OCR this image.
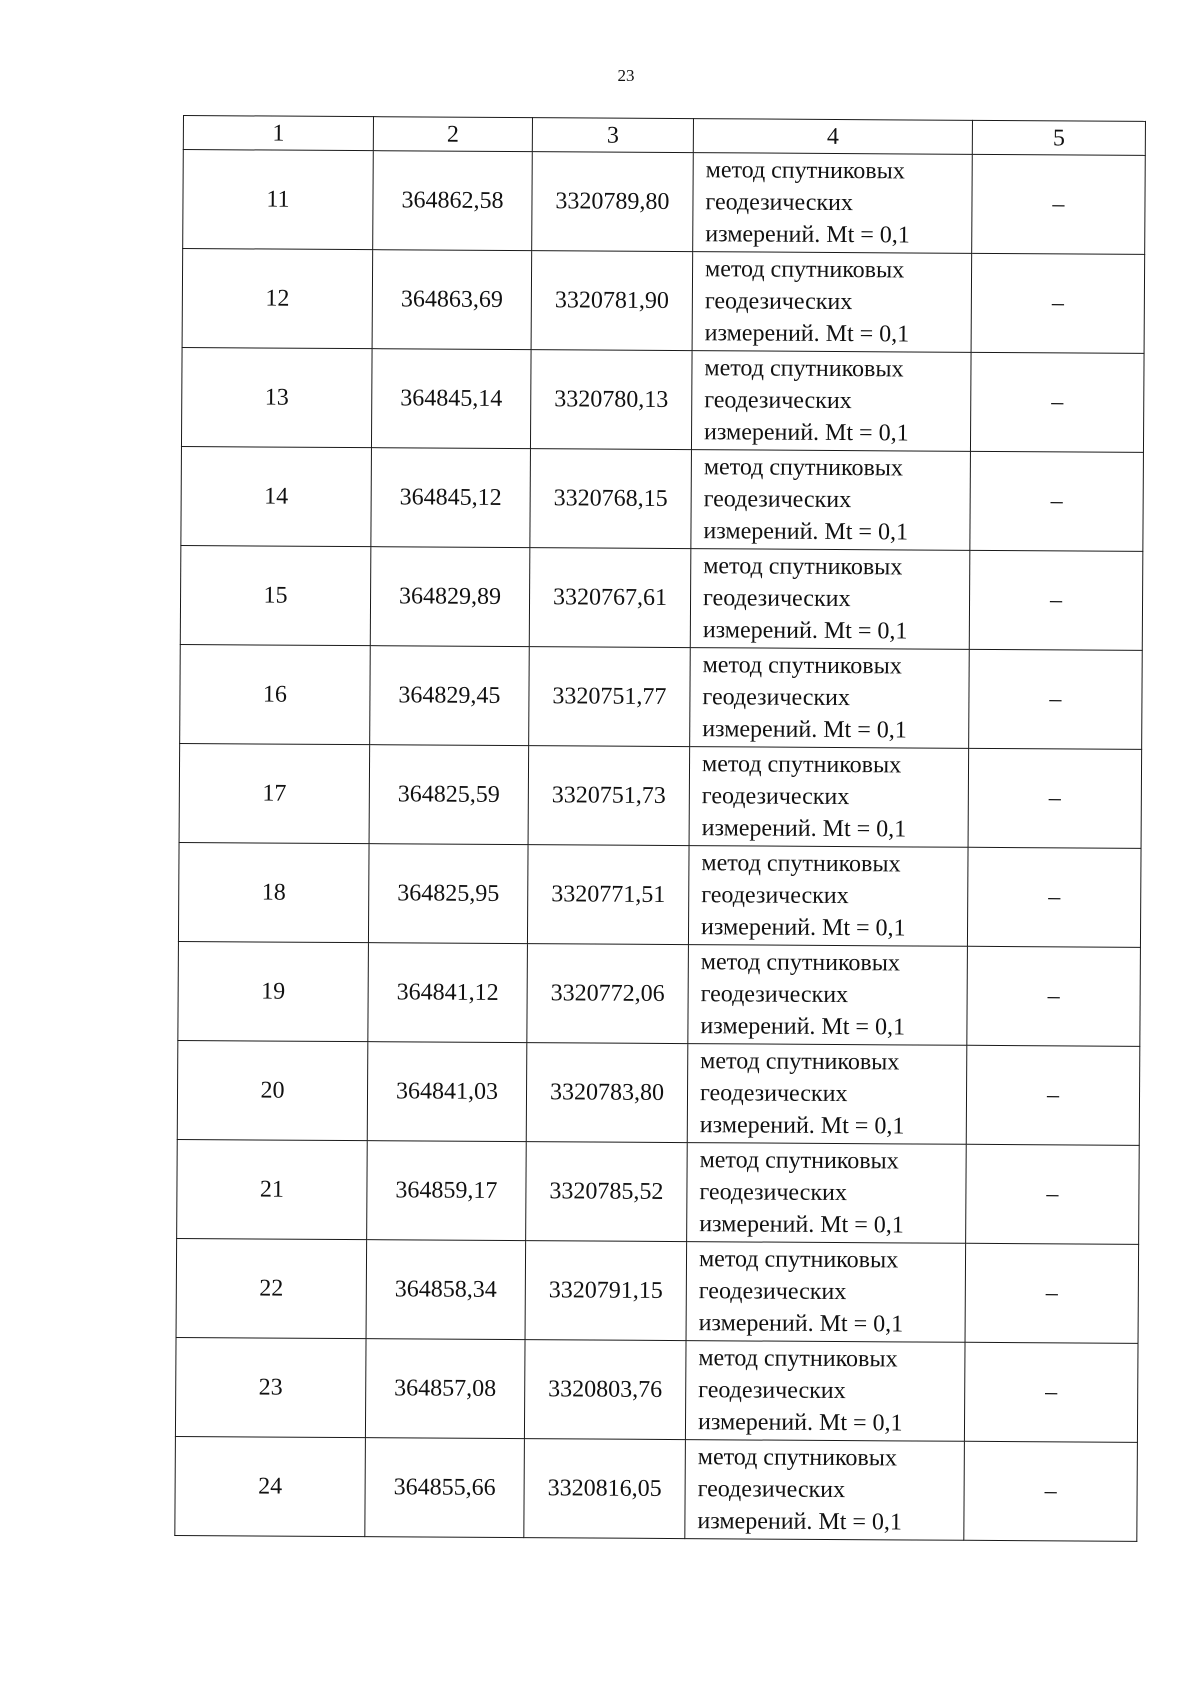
23
1	2	3	4	5
11	364862,58	3320789,80	метод спутниковых
геодезических
измерений. Mt = 0,1	–
12	364863,69	3320781,90	метод спутниковых
геодезических
измерений. Mt = 0,1	–
13	364845,14	3320780,13	метод спутниковых
геодезических
измерений. Mt = 0,1	–
14	364845,12	3320768,15	метод спутниковых
геодезических
измерений. Mt = 0,1	–
15	364829,89	3320767,61	метод спутниковых
геодезических
измерений. Mt = 0,1	–
16	364829,45	3320751,77	метод спутниковых
геодезических
измерений. Mt = 0,1	–
17	364825,59	3320751,73	метод спутниковых
геодезических
измерений. Mt = 0,1	–
18	364825,95	3320771,51	метод спутниковых
геодезических
измерений. Mt = 0,1	–
19	364841,12	3320772,06	метод спутниковых
геодезических
измерений. Mt = 0,1	–
20	364841,03	3320783,80	метод спутниковых
геодезических
измерений. Mt = 0,1	–
21	364859,17	3320785,52	метод спутниковых
геодезических
измерений. Mt = 0,1	–
22	364858,34	3320791,15	метод спутниковых
геодезических
измерений. Mt = 0,1	–
23	364857,08	3320803,76	метод спутниковых
геодезических
измерений. Mt = 0,1	–
24	364855,66	3320816,05	метод спутниковых
геодезических
измерений. Mt = 0,1	–
